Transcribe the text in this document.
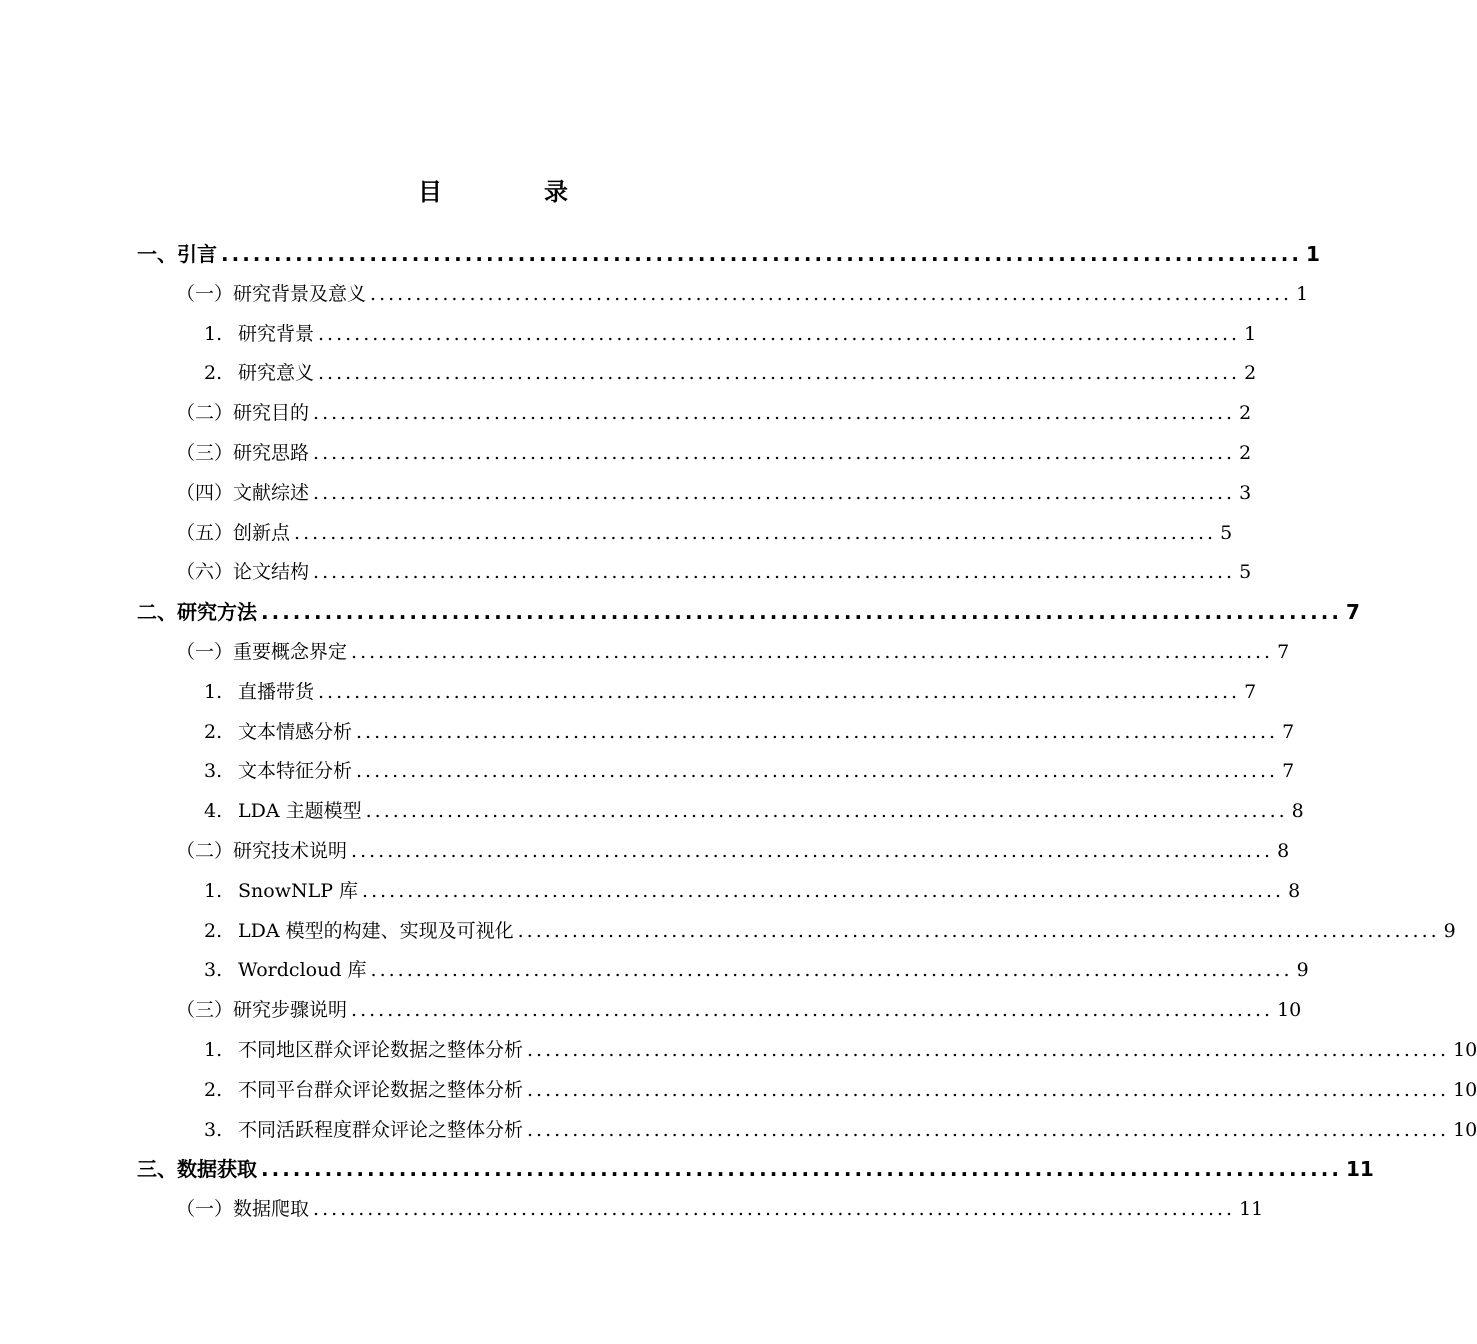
目	录
一、 引言 ...................................................................................................... 1
（一） 研究背景及意义 ...................................................................................................... 1
1. 研究背景 ...................................................................................................... 1
2. 研究意义 ...................................................................................................... 2
（二） 研究目的 ...................................................................................................... 2
（三） 研究思路 ...................................................................................................... 2
（四） 文献综述 ...................................................................................................... 3
（五） 创新点 ...................................................................................................... 5
（六） 论文结构 ...................................................................................................... 5
二、 研究方法 ...................................................................................................... 7
（一） 重要概念界定 ...................................................................................................... 7
1. 直播带货 ...................................................................................................... 7
2. 文本情感分析 ...................................................................................................... 7
3. 文本特征分析 ...................................................................................................... 7
4. LDA 主题模型 ...................................................................................................... 8
（二） 研究技术说明 ...................................................................................................... 8
1. SnowNLP 库 ...................................................................................................... 8
2. LDA 模型的构建、实现及可视化 ...................................................................................................... 9
3. Wordcloud 库 ...................................................................................................... 9
（三） 研究步骤说明 ...................................................................................................... 10
1. 不同地区群众评论数据之整体分析 ...................................................................................................... 10
2. 不同平台群众评论数据之整体分析 ...................................................................................................... 10
3. 不同活跃程度群众评论之整体分析 ...................................................................................................... 10
三、 数据获取 ...................................................................................................... 11
（一） 数据爬取 ...................................................................................................... 11
